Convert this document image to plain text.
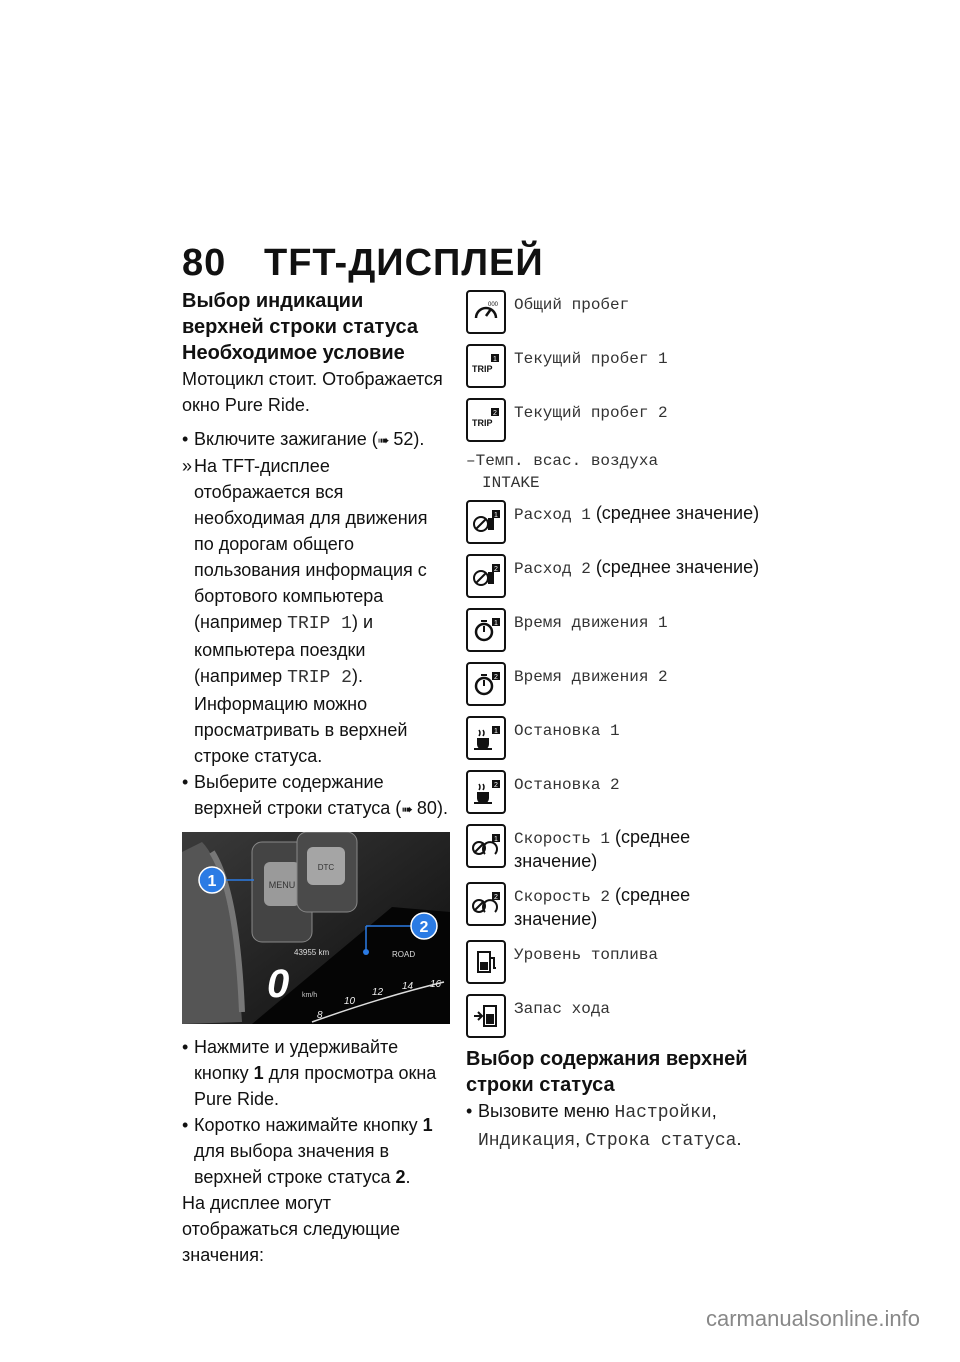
80 TFT-ДИСПЛЕЙ
Выбор индикации верхней строки статуса
Необходимое условие

Мотоцикл стоит. Отображается окно Pure Ride.

• Включите зажигание (➠ 52).
» На TFT-дисплее отображается вся необходимая для движения по дорогам общего пользования информация с бортового компьютера (например TRIP 1) и компьютера поездки (например TRIP 2). Информацию можно просматривать в верхней строке статуса.
• Выберите содержание верхней строки статуса (➠ 80).
MENU
DTC
43955 km	ROAD
0 km/h
8
10
12
14 16
1
2
• Нажмите и удерживайте кнопку 1 для просмотра окна Pure Ride.
• Коротко нажимайте кнопку 1 для выбора значения в верхней строке статуса 2.

На дисплее могут отображаться следующие значения:

000 Общий пробег
TRIP
1 Текущий пробег 1
TRIP
2 Текущий пробег 2
–Темп. всас. воздуха
INTAKE
1 Расход 1 (среднее значение)
2 Расход 2 (среднее значение)
1 Время движения 1
2 Время движения 2
1 Остановка 1
2 Остановка 2
1 Скорость 1 (среднее значение)
2 Скорость 2 (среднее значение)
Уровень топлива
Запас хода
Выбор содержания верхней строки статуса
• Вызовите меню Настройки, Индикация, Строка статуса.
carmanualsonline.info
